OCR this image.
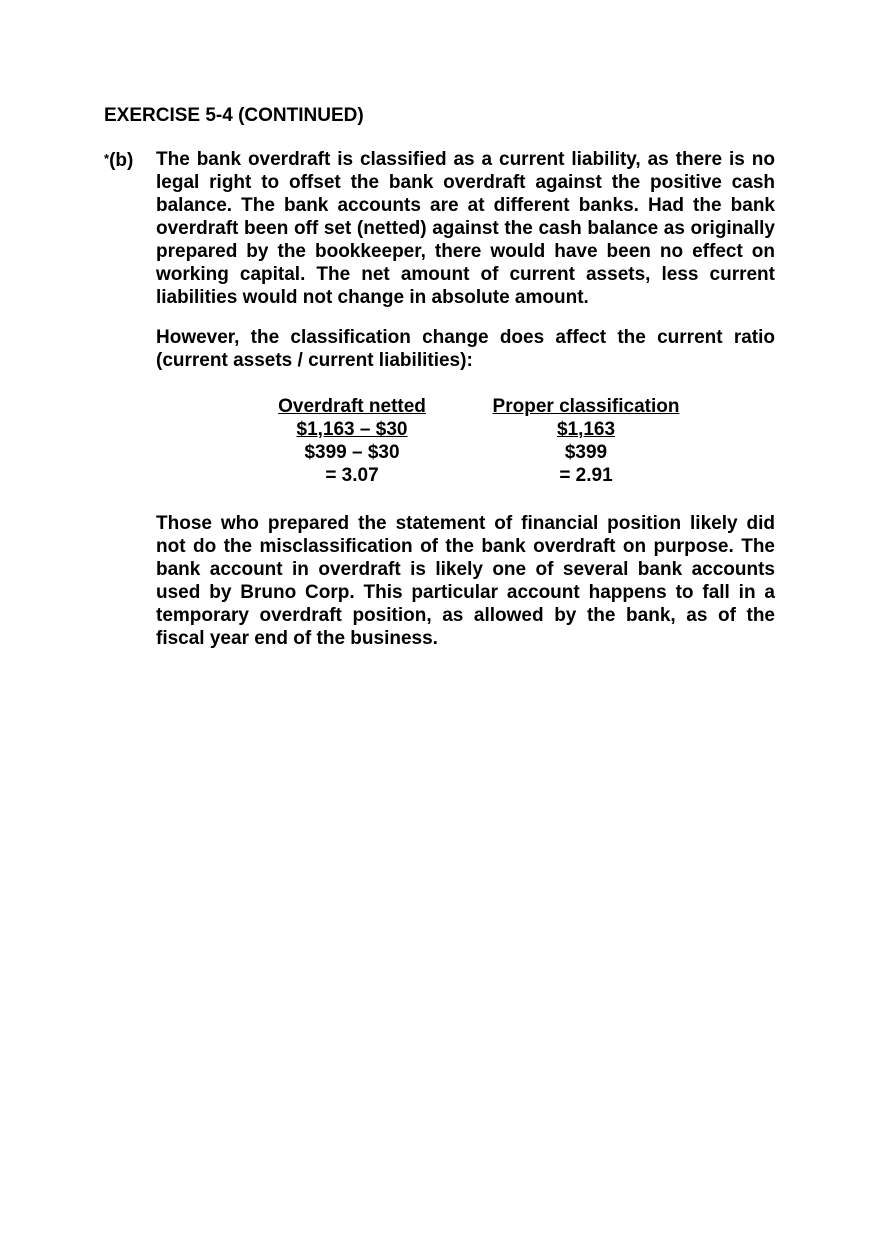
EXERCISE 5-4 (CONTINUED)
*(b) The bank overdraft is classified as a current liability, as there is no legal right to offset the bank overdraft against the positive cash balance. The bank accounts are at different banks. Had the bank overdraft been off set (netted) against the cash balance as originally prepared by the bookkeeper, there would have been no effect on working capital. The net amount of current assets, less current liabilities would not change in absolute amount.

However, the classification change does affect the current ratio (current assets / current liabilities):

Overdraft netted
$1,163 – $30
$399 – $30
= 3.07
Proper classification
$1,163
$399
= 2.91

Those who prepared the statement of financial position likely did not do the misclassification of the bank overdraft on purpose. The bank account in overdraft is likely one of several bank accounts used by Bruno Corp. This particular account happens to fall in a temporary overdraft position, as allowed by the bank, as of the fiscal year end of the business.
